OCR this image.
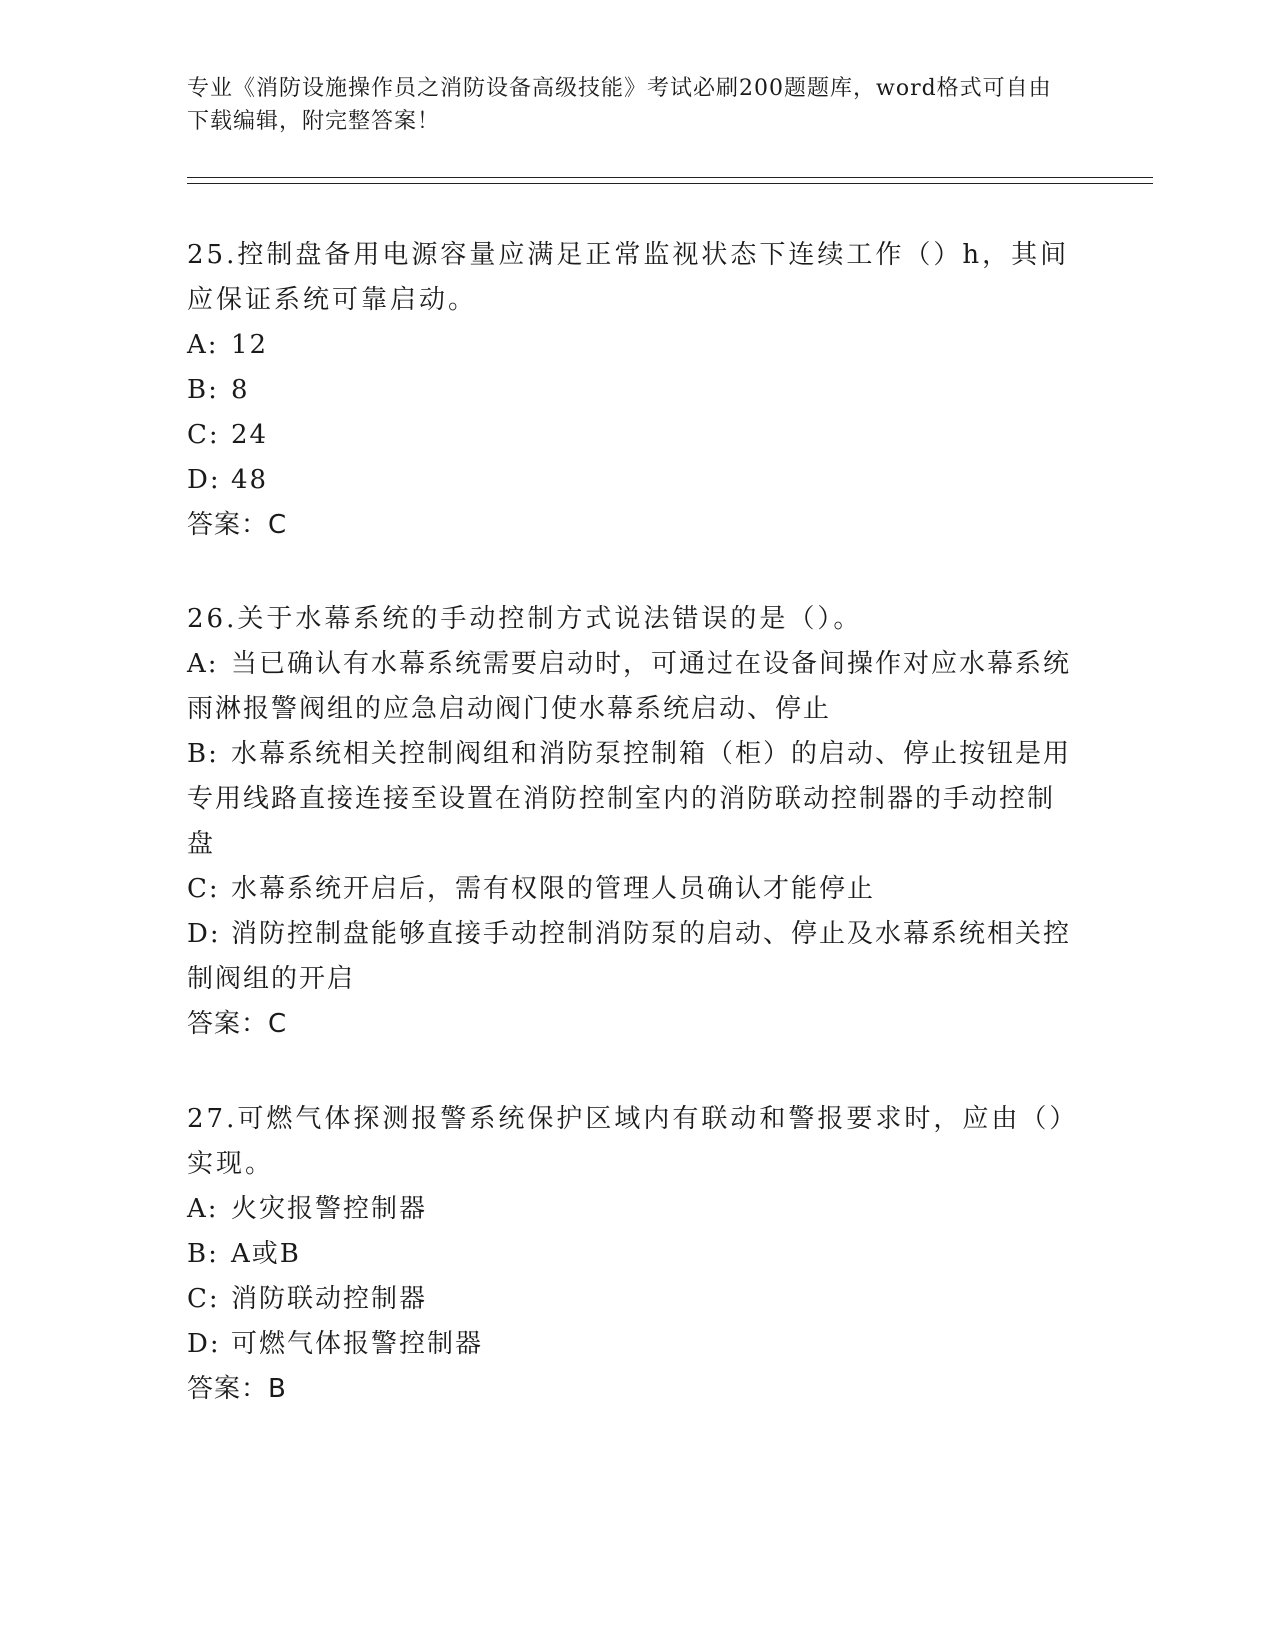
专业《消防设施操作员之消防设备高级技能》考试必刷200题题库，word格式可自由下载编辑，附完整答案！

25.控制盘备用电源容量应满足正常监视状态下连续工作（）h，其间应保证系统可靠启动。

A: 12

B: 8

C: 24

D: 48

答案：C

26.关于水幕系统的手动控制方式说法错误的是（）。

A: 当已确认有水幕系统需要启动时，可通过在设备间操作对应水幕系统雨淋报警阀组的应急启动阀门使水幕系统启动、停止

B: 水幕系统相关控制阀组和消防泵控制箱（柜）的启动、停止按钮是用专用线路直接连接至设置在消防控制室内的消防联动控制器的手动控制盘

C: 水幕系统开启后，需有权限的管理人员确认才能停止

D: 消防控制盘能够直接手动控制消防泵的启动、停止及水幕系统相关控制阀组的开启

答案：C

27.可燃气体探测报警系统保护区域内有联动和警报要求时，应由（）实现。

A: 火灾报警控制器

B: A或B

C: 消防联动控制器

D: 可燃气体报警控制器

答案：B
